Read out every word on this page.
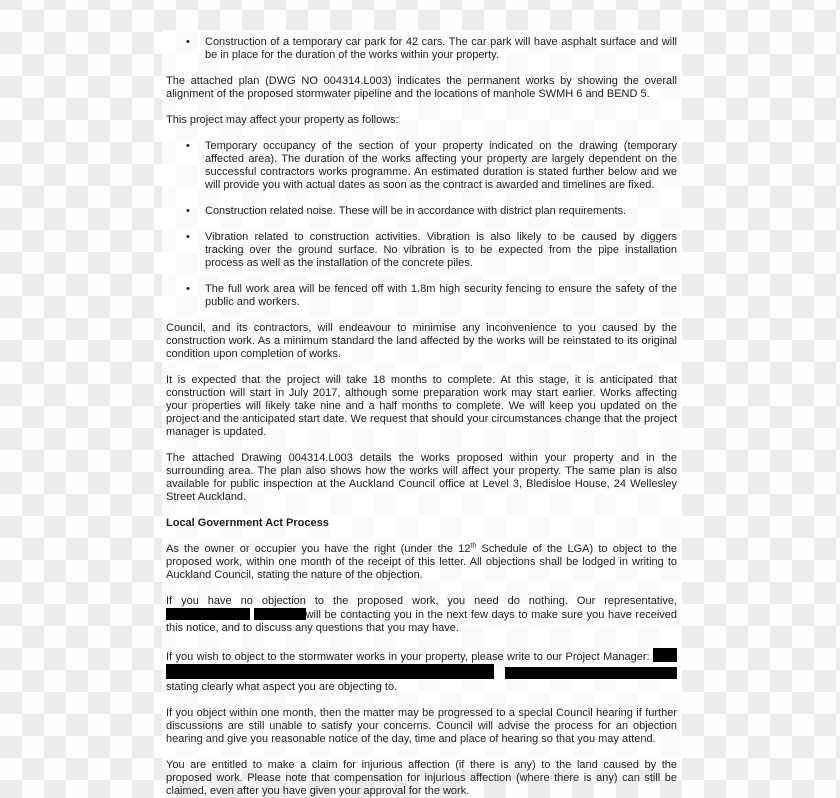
•	Construction of a temporary car park for 42 cars. The car park will have asphalt surface and will be in place for the duration of the works within your property.
The attached plan (DWG NO 004314.L003) indicates the permanent works by showing the overall alignment of the proposed stormwater pipeline and the locations of manhole SWMH 6 and BEND 5.
This project may affect your property as follows:
•	Temporary occupancy of the section of your property indicated on the drawing (temporary affected area). The duration of the works affecting your property are largely dependent on the successful contractors works programme. An estimated duration is stated further below and we will provide you with actual dates as soon as the contract is awarded and timelines are fixed.
•	Construction related noise. These will be in accordance with district plan requirements.
•	Vibration related to construction activities. Vibration is also likely to be caused by diggers tracking over the ground surface. No vibration is to be expected from the pipe installation process as well as the installation of the concrete piles.
•	The full work area will be fenced off with 1.8m high security fencing to ensure the safety of the public and workers.
Council, and its contractors, will endeavour to minimise any inconvenience to you caused by the construction work. As a minimum standard the land affected by the works will be reinstated to its original condition upon completion of works.
It is expected that the project will take 18 months to complete. At this stage, it is anticipated that construction will start in July 2017, although some preparation work may start earlier. Works affecting your properties will likely take nine and a half months to complete. We will keep you updated on the project and the anticipated start date. We request that should your circumstances change that the project manager is updated.
The attached Drawing 004314.L003 details the works proposed within your property and in the surrounding area. The plan also shows how the works will affect your property. The same plan is also available for public inspection at the Auckland Council office at Level 3, Bledisloe House, 24 Wellesley Street Auckland.
Local Government Act Process
As the owner or occupier you have the right (under the 12th Schedule of the LGA) to object to the proposed work, within one month of the receipt of this letter. All objections shall be lodged in writing to Auckland Council, stating the nature of the objection.
If you have no objection to the proposed work, you need do nothing. Our representative,  will be contacting you in the next few days to make sure you have received this notice, and to discuss any questions that you may have.
If you wish to object to the stormwater works in your property, please write to our Project Manager:    stating clearly what aspect you are objecting to.
If you object within one month, then the matter may be progressed to a special Council hearing if further discussions are still unable to satisfy your concerns. Council will advise the process for an objection hearing and give you reasonable notice of the day, time and place of hearing so that you may attend.
You are entitled to make a claim for injurious affection (if there is any) to the land caused by the proposed work. Please note that compensation for injurious affection (where there is any) can still be claimed, even after you have given your approval for the work.
